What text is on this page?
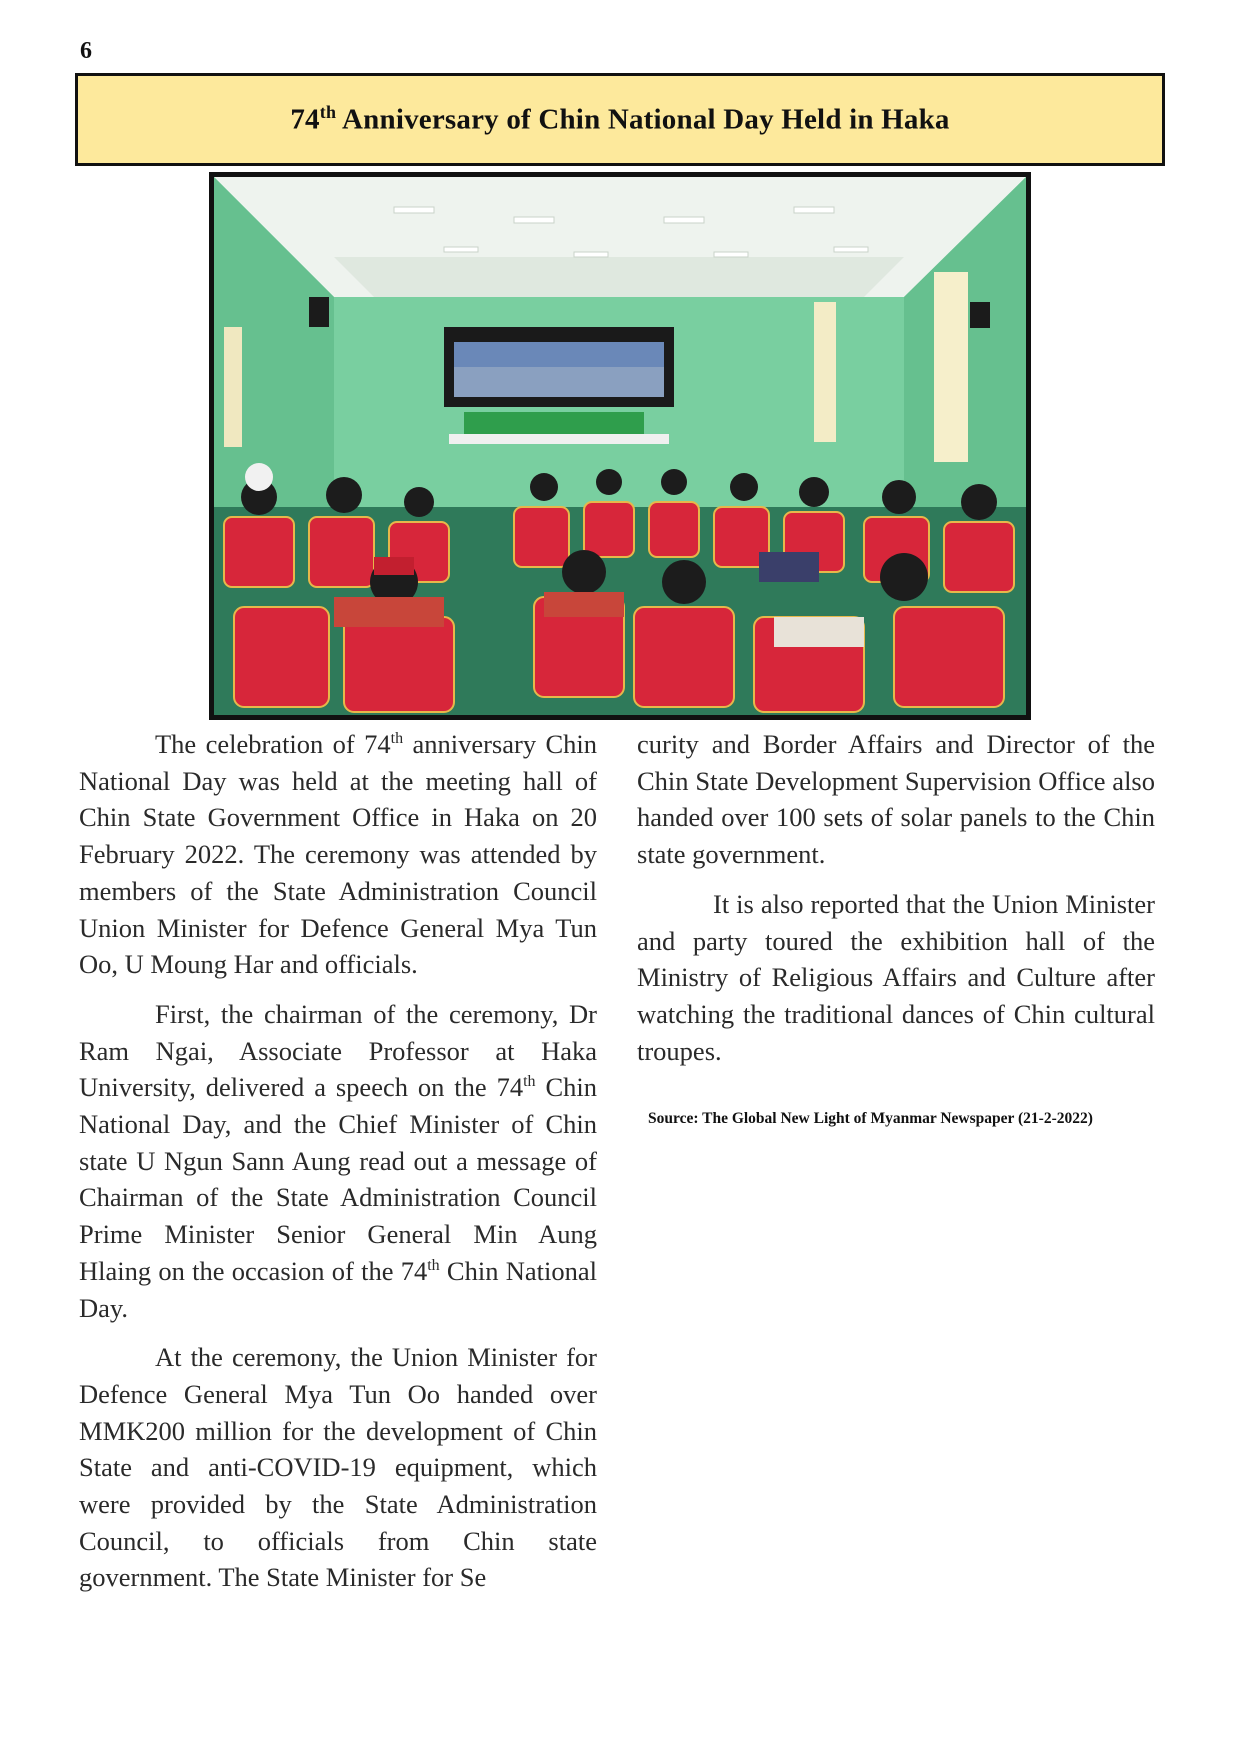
6
74th Anniversary of Chin National Day Held in Haka

The celebration of 74th anniversary Chin National Day was held at the meeting hall of Chin State Government Office in Haka on 20 February 2022. The ceremony was attended by members of the State Administration Council Union Minister for Defence General Mya Tun Oo, U Moung Har and officials.

First, the chairman of the ceremony, Dr Ram Ngai, Associate Professor at Haka University, delivered a speech on the 74th Chin National Day, and the Chief Minister of Chin state U Ngun Sann Aung read out a message of Chairman of the State Administration Council Prime Minister Senior General Min Aung Hlaing on the occasion of the 74th Chin National Day.

At the ceremony, the Union Minister for Defence General Mya Tun Oo handed over MMK200 million for the development of Chin State and anti-COVID-19 equipment, which were provided by the State Administration Council, to officials from Chin state government. The State Minister for Se

curity and Border Affairs and Director of the Chin State Development Supervision Office also handed over 100 sets of solar panels to the Chin state government.

It is also reported that the Union Minister and party toured the exhibition hall of the Ministry of Religious Affairs and Culture after watching the traditional dances of Chin cultural troupes.

Source: The Global New Light of Myanmar Newspaper (21-2-2022)
